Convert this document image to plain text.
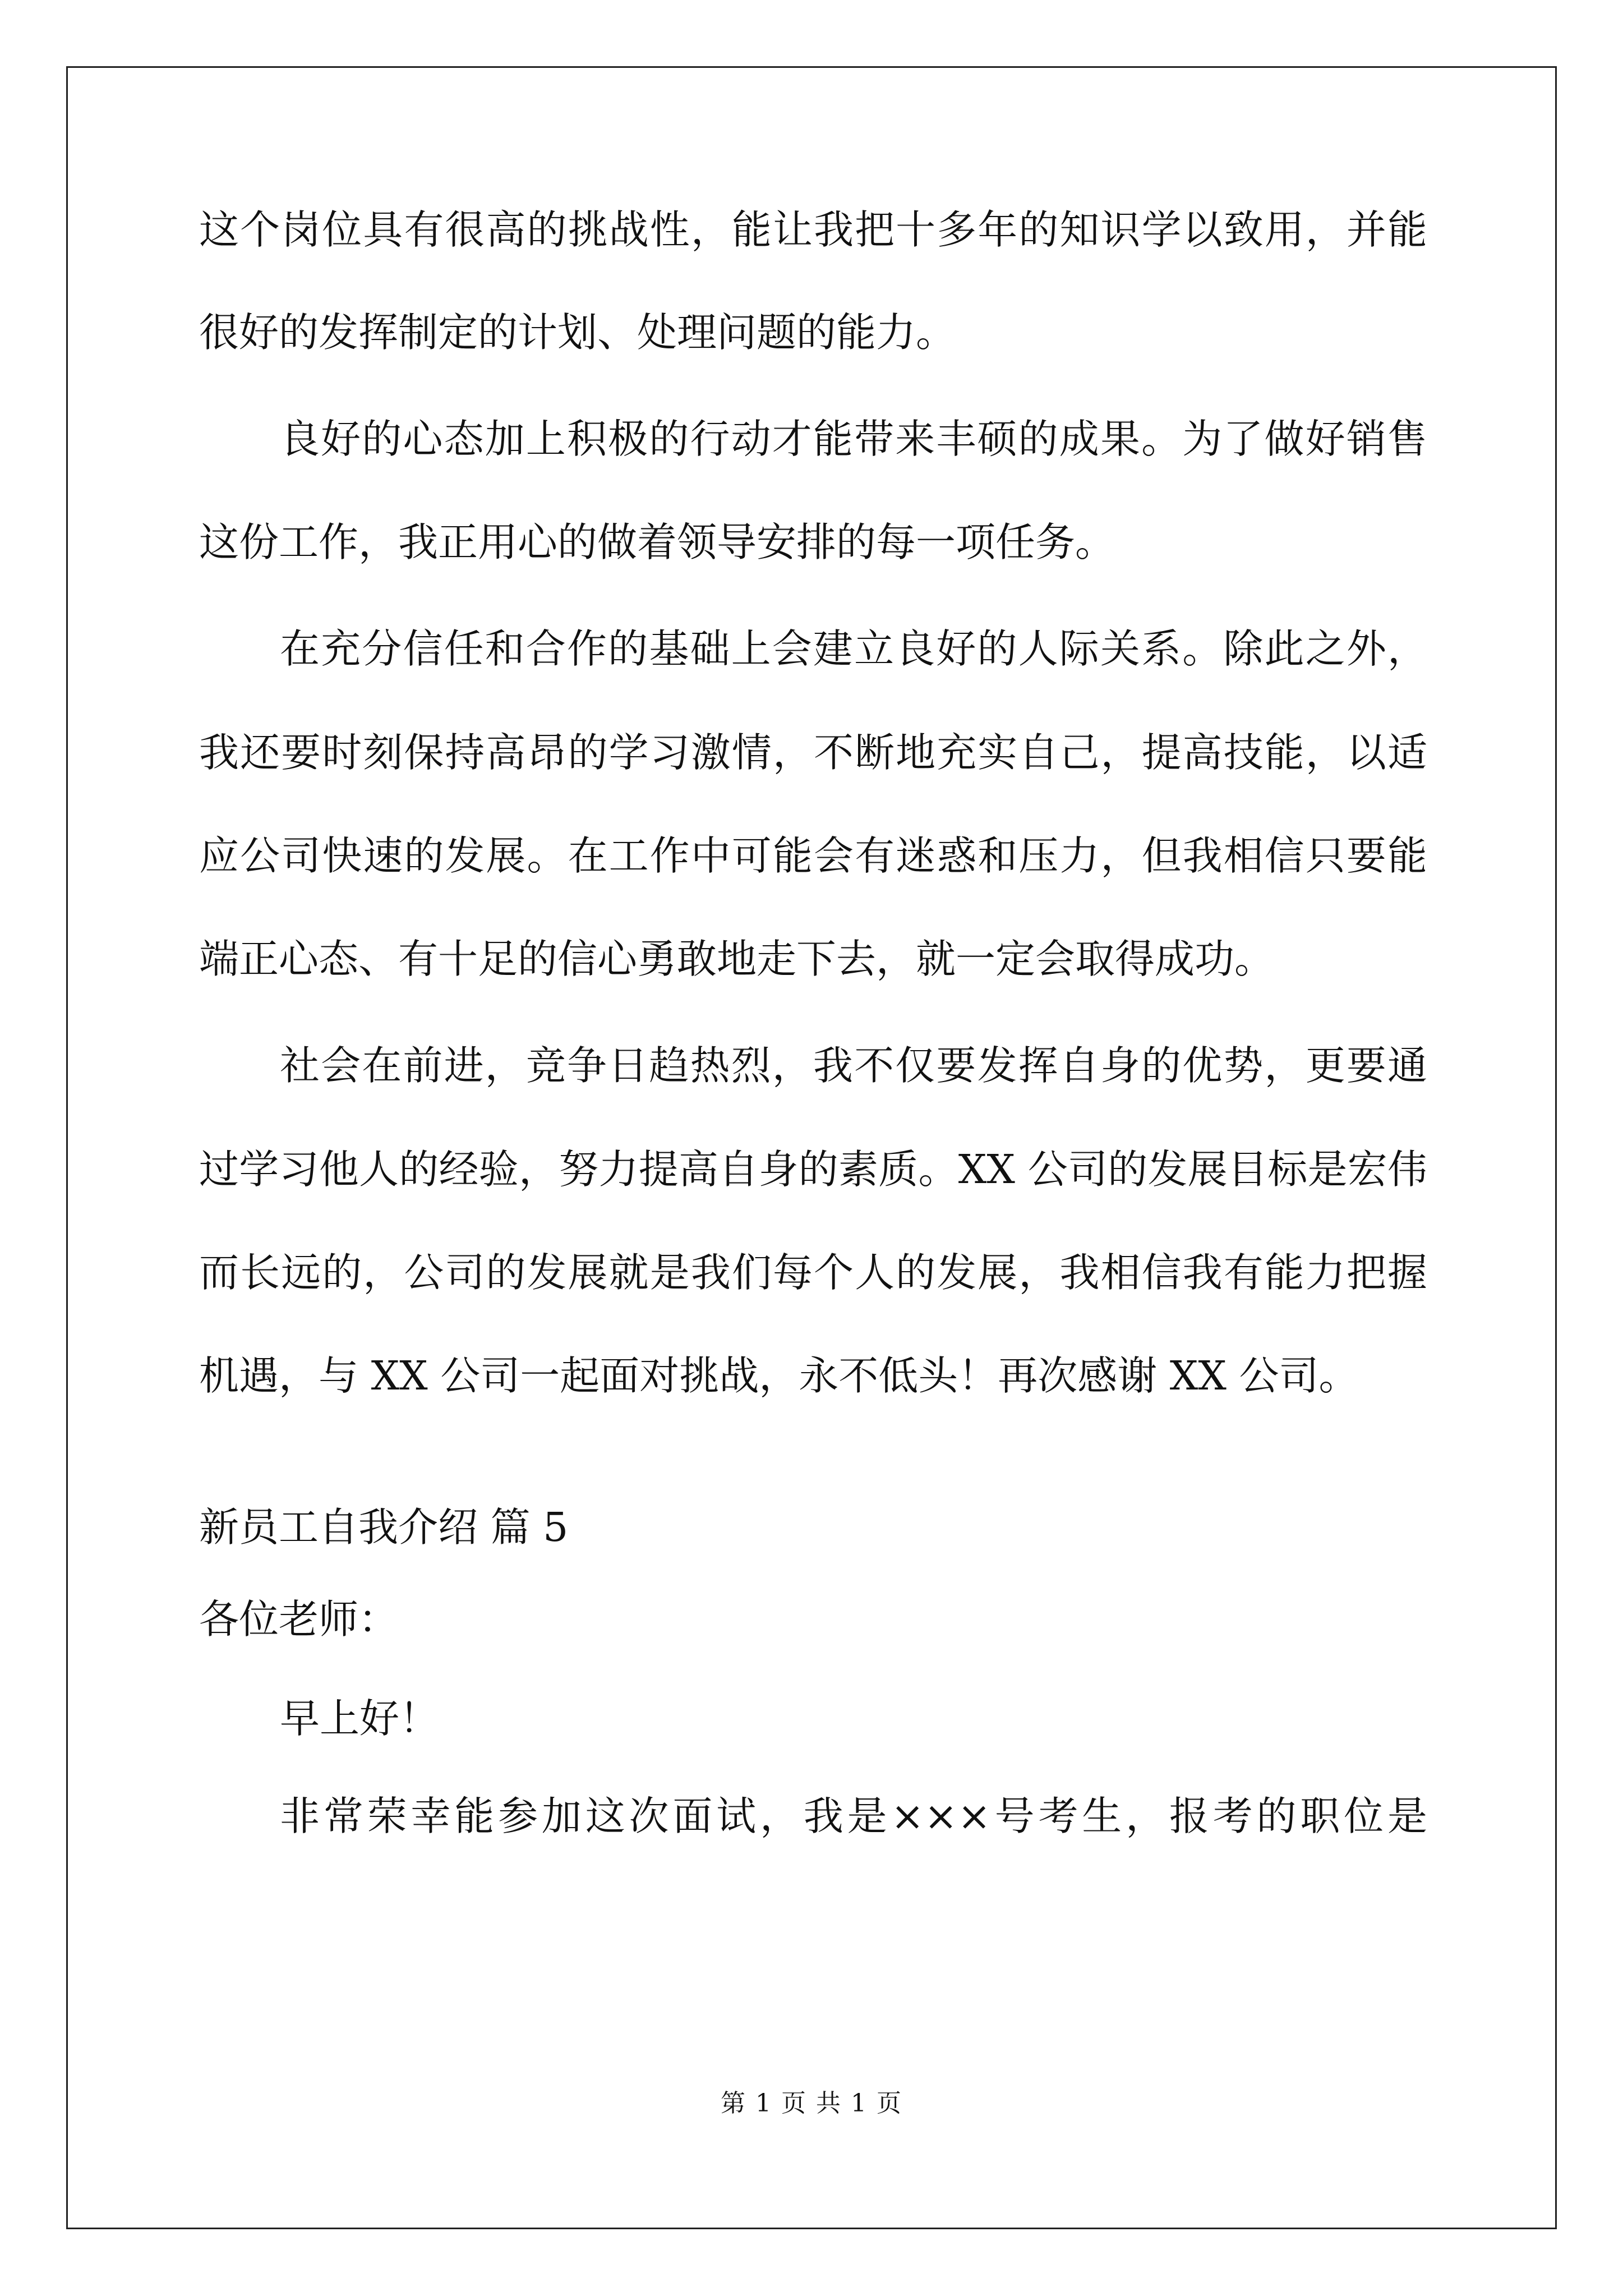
这个岗位具有很高的挑战性，能让我把十多年的知识学以致用，并能
很好的发挥制定的计划、处理问题的能力。
良好的心态加上积极的行动才能带来丰硕的成果。为了做好销售
这份工作，我正用心的做着领导安排的每一项任务。
在充分信任和合作的基础上会建立良好的人际关系。除此之外，
我还要时刻保持高昂的学习激情，不断地充实自己，提高技能，以适
应公司快速的发展。在工作中可能会有迷惑和压力，但我相信只要能
端正心态、有十足的信心勇敢地走下去，就一定会取得成功。
社会在前进，竞争日趋热烈，我不仅要发挥自身的优势，更要通
过学习他人的经验，努力提高自身的素质。XX 公司的发展目标是宏伟
而长远的，公司的发展就是我们每个人的发展，我相信我有能力把握
机遇，与 XX 公司一起面对挑战，永不低头！再次感谢 XX 公司。
新员工自我介绍 篇 5
各位老师：
早上好！
非常荣幸能参加这次面试，我是×××号考生，报考的职位是
第 1 页 共 1 页
